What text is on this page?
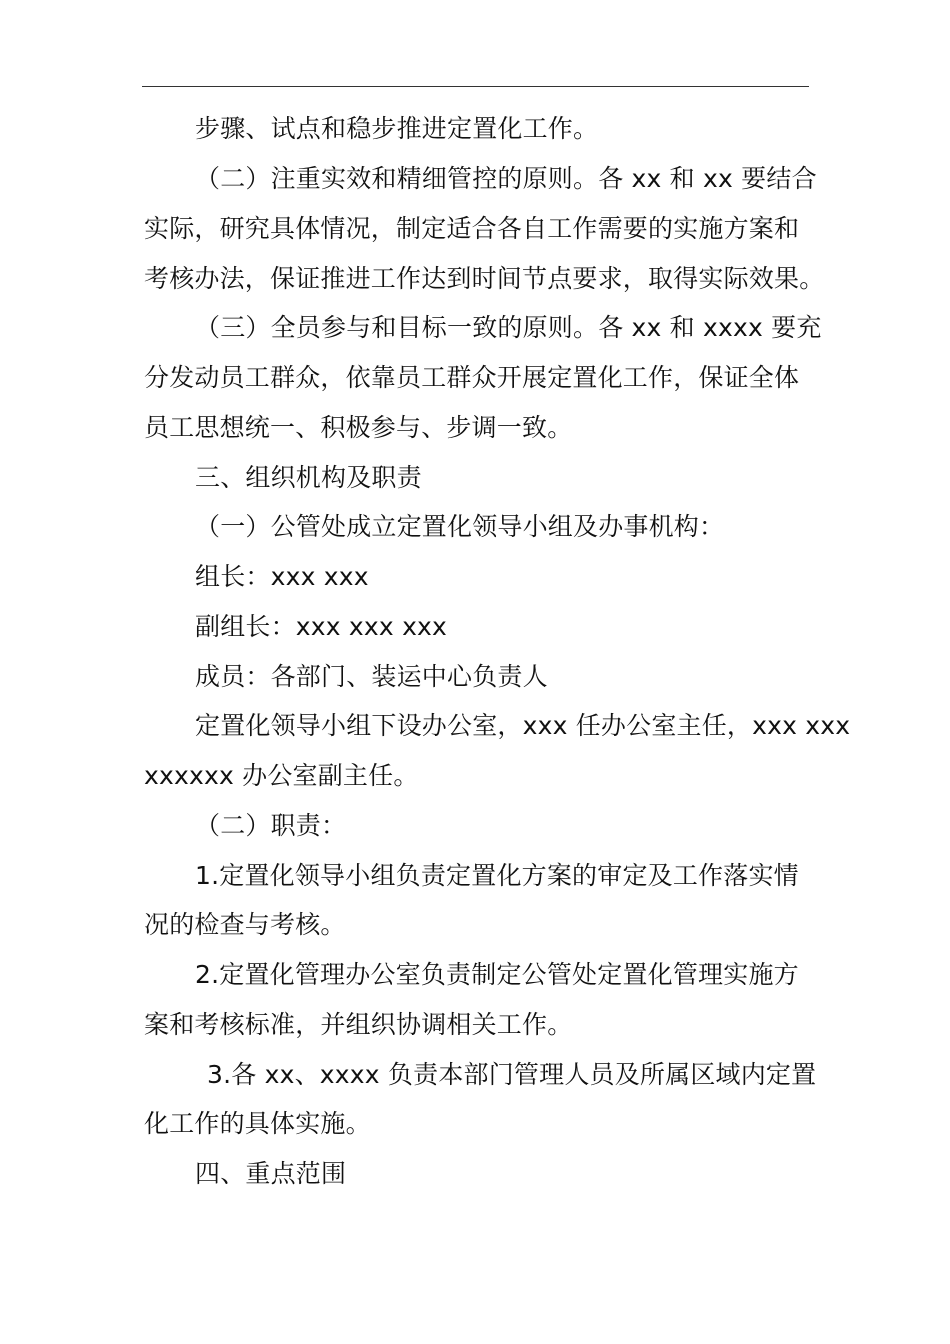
步骤、试点和稳步推进定置化工作。
（二）注重实效和精细管控的原则。各 xx 和 xx 要结合
实际，研究具体情况，制定适合各自工作需要的实施方案和
考核办法，保证推进工作达到时间节点要求，取得实际效果。
（三）全员参与和目标一致的原则。各 xx 和 xxxx 要充
分发动员工群众，依靠员工群众开展定置化工作，保证全体
员工思想统一、积极参与、步调一致。
三、组织机构及职责
（一）公管处成立定置化领导小组及办事机构：
组长：xxx xxx
副组长：xxx xxx xxx
成员：各部门、装运中心负责人
定置化领导小组下设办公室，xxx 任办公室主任，xxx xxx
xxxxxx 办公室副主任。
（二）职责：
1.定置化领导小组负责定置化方案的审定及工作落实情
况的检查与考核。
2.定置化管理办公室负责制定公管处定置化管理实施方
案和考核标准，并组织协调相关工作。
3.各 xx、xxxx 负责本部门管理人员及所属区域内定置
化工作的具体实施。
四、重点范围
